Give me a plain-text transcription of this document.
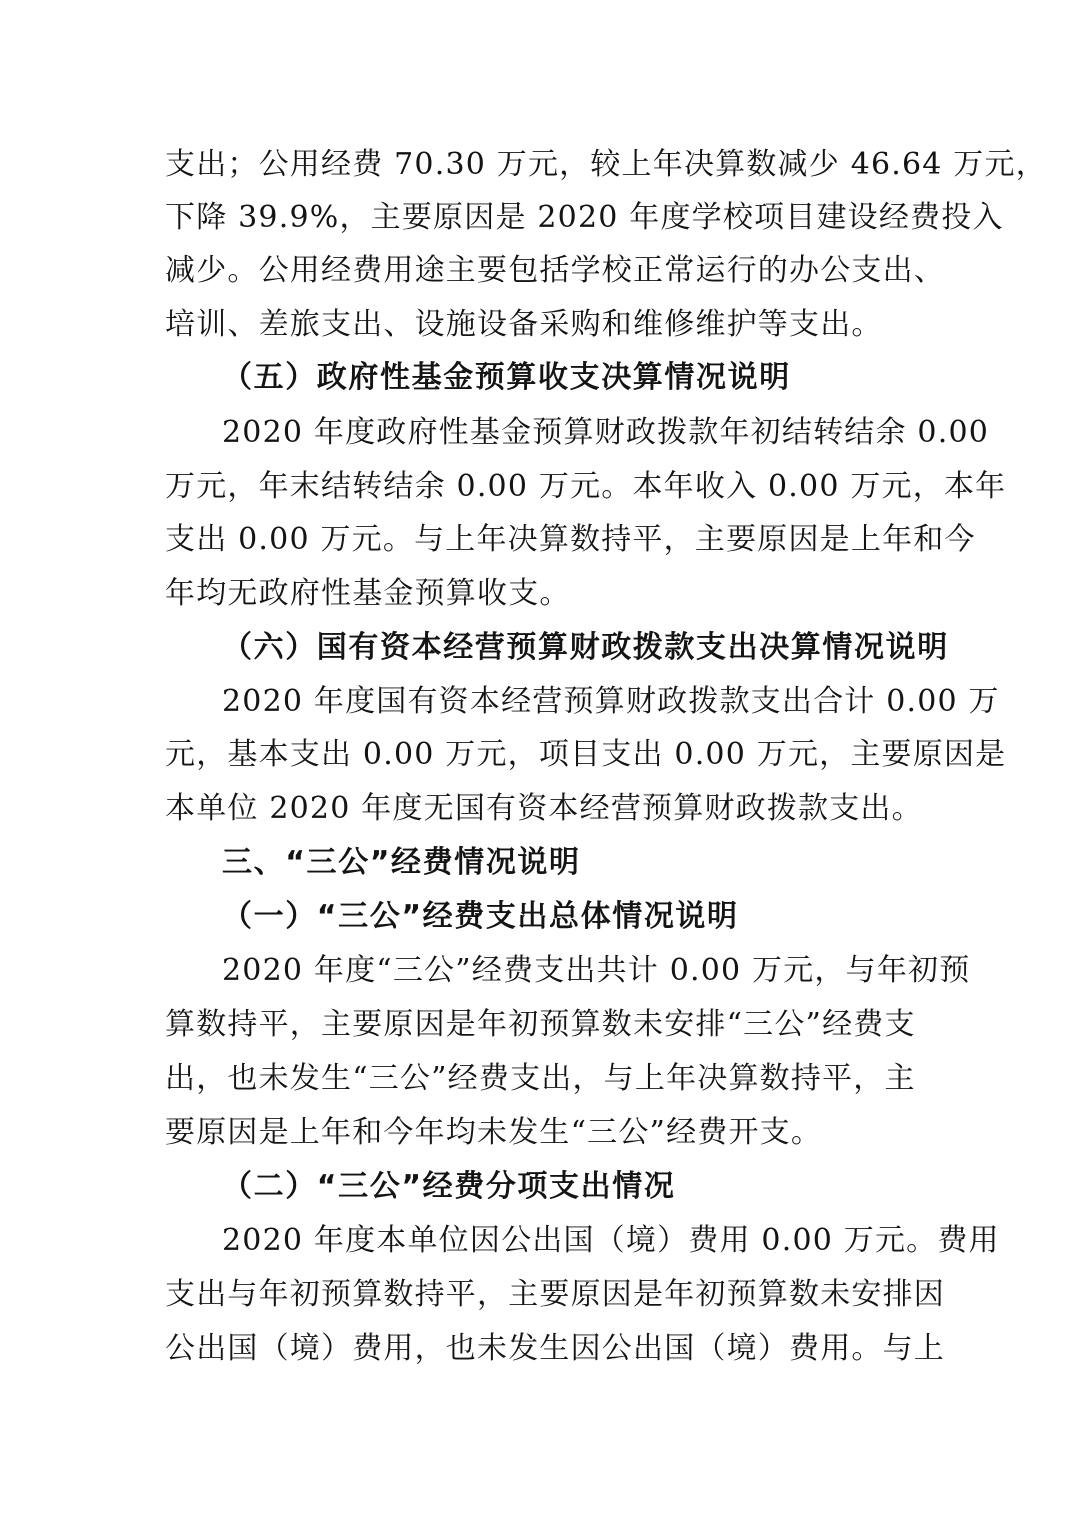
支出；公用经费 70.30 万元，较上年决算数减少 46.64 万元，
下降 39.9%，主要原因是 2020 年度学校项目建设经费投入
减少。公用经费用途主要包括学校正常运行的办公支出、
培训、差旅支出、设施设备采购和维修维护等支出。
（五）政府性基金预算收支决算情况说明
2020 年度政府性基金预算财政拨款年初结转结余 0.00
万元，年末结转结余 0.00 万元。本年收入 0.00 万元，本年
支出 0.00 万元。与上年决算数持平，主要原因是上年和今
年均无政府性基金预算收支。
（六）国有资本经营预算财政拨款支出决算情况说明
2020 年度国有资本经营预算财政拨款支出合计 0.00 万
元，基本支出 0.00 万元，项目支出 0.00 万元，主要原因是
本单位 2020 年度无国有资本经营预算财政拨款支出。
三、“三公”经费情况说明
（一）“三公”经费支出总体情况说明
2020 年度“三公”经费支出共计 0.00 万元，与年初预
算数持平，主要原因是年初预算数未安排“三公”经费支
出，也未发生“三公”经费支出，与上年决算数持平，主
要原因是上年和今年均未发生“三公”经费开支。
（二）“三公”经费分项支出情况
2020 年度本单位因公出国（境）费用 0.00 万元。费用
支出与年初预算数持平，主要原因是年初预算数未安排因
公出国（境）费用，也未发生因公出国（境）费用。与上
